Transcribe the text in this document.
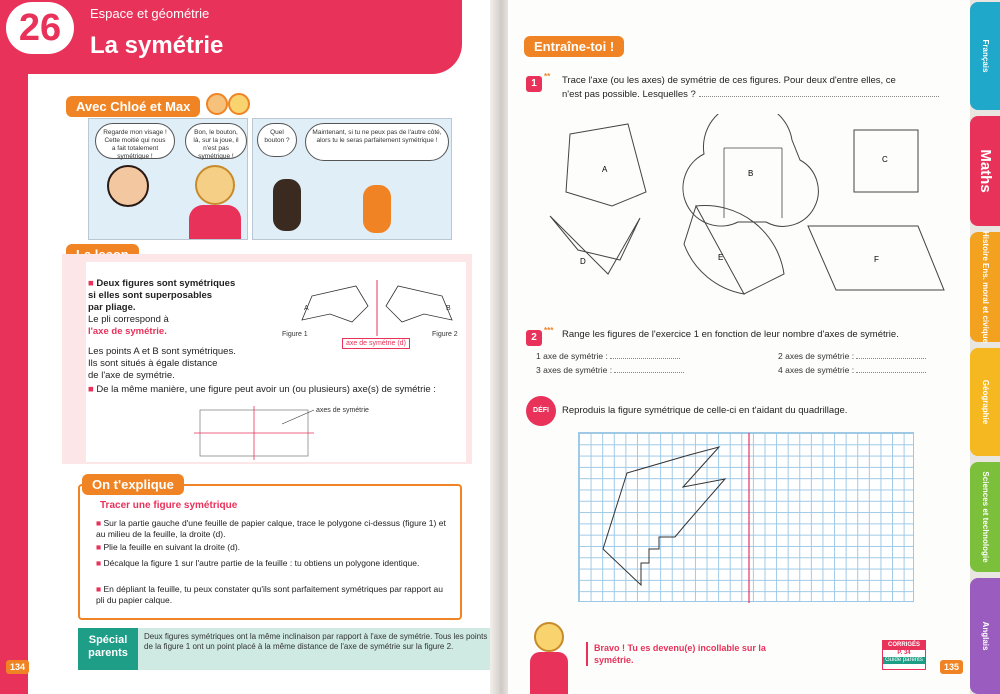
26	Espace et géométrie
La symétrie
Avec Chloé et Max
Regarde mon visage ! Cette moitié qui nous a fait totalement symétrique !
Bon, le bouton, là, sur la joue, il n'est pas symétrique !
Quel bouton ?
Maintenant, si tu ne peux pas de l'autre côté, alors tu le seras parfaitement symétrique !
■ Deux figures sont symétriques
si elles sont superposables
par pliage.
Le pli correspond à
l'axe de symétrie.
Les points A et B sont symétriques.
Ils sont situés à égale distance
de l'axe de symétrie.
■ De la même manière, une figure peut avoir un (ou plusieurs) axe(s) de symétrie :
A	B
Figure 1	Figure 2
axe de symétrie (d)
axes de symétrie
On t'explique
Tracer une figure symétrique
■ Sur la partie gauche d'une feuille de papier calque, trace le polygone ci-dessus (figure 1) et au milieu de la feuille, la droite (d).
■ Plie la feuille en suivant la droite (d).
■ Décalque la figure 1 sur l'autre partie de la feuille : tu obtiens un polygone identique.
■ En dépliant la feuille, tu peux constater qu'ils sont parfaitement symétriques par rapport au pli du papier calque.
Spécial parents
Deux figures symétriques ont la même inclinaison par rapport à l'axe de symétrie. Tous les points de la figure 1 ont un point placé à la même distance de l'axe de symétrie sur la figure 2.
134
Entraîne-toi !
1
** Trace l'axe (ou les axes) de symétrie de ces figures. Pour deux d'entre elles, ce
n'est pas possible. Lesquelles ?
A	B
C
D	E	F
2
*** Range les figures de l'exercice 1 en fonction de leur nombre d'axes de symétrie.
1 axe de symétrie :	2 axes de symétrie :
3 axes de symétrie :	4 axes de symétrie :
DÉFI	Reproduis la figure symétrique de celle-ci en t'aidant du quadrillage.
Bravo ! Tu es devenu(e) incollable sur la symétrie.
CORRIGÉS
P. 34
Guide parents
135
Français
Maths
Histoire Ens. moral et civique
Géographie
Sciences et technologie
Anglais
